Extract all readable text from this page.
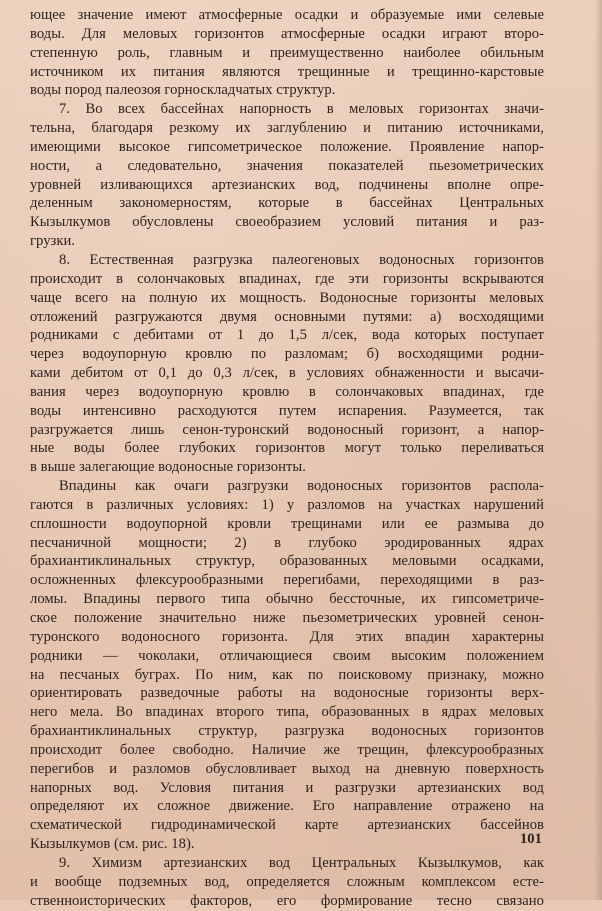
ющее значение имеют атмосферные осадки и образуемые ими селевые
воды. Для меловых горизонтов атмосферные осадки играют второ-
степенную роль, главным и преимущественно наиболее обильным
источником их питания являются трещинные и трещинно-карстовые
воды пород палеозоя горноскладчатых структур.
7. Во всех бассейнах напорность в меловых горизонтах значи-
тельна, благодаря резкому их заглублению и питанию источниками,
имеющими высокое гипсометрическое положение. Проявление напор-
ности, а следовательно, значения показателей пьезометрических
уровней изливающихся артезианских вод, подчинены вполне опре-
деленным закономерностям, которые в бассейнах Центральных
Кызылкумов обусловлены своеобразием условий питания и раз-
грузки.
8. Естественная разгрузка палеогеновых водоносных горизонтов
происходит в солончаковых впадинах, где эти горизонты вскрываются
чаще всего на полную их мощность. Водоносные горизонты меловых
отложений разгружаются двумя основными путями: а) восходящими
родниками с дебитами от 1 до 1,5 л/сек, вода которых поступает
через водоупорную кровлю по разломам; б) восходящими родни-
ками дебитом от 0,1 до 0,3 л/сек, в условиях обнаженности и высачи-
вания через водоупорную кровлю в солончаковых впадинах, где
воды интенсивно расходуются путем испарения. Разумеется, так
разгружается лишь сенон-туронский водоносный горизонт, а напор-
ные воды более глубоких горизонтов могут только переливаться
в выше залегающие водоносные горизонты.
Впадины как очаги разгрузки водоносных горизонтов распола-
гаются в различных условиях: 1) у разломов на участках нарушений
сплошности водоупорной кровли трещинами или ее размыва до
песчаничной мощности; 2) в глубоко эродированных ядрах
брахиантиклинальных структур, образованных меловыми осадками,
осложненных флексурообразными перегибами, переходящими в раз-
ломы. Впадины первого типа обычно бессточные, их гипсометриче-
ское положение значительно ниже пьезометрических уровней сенон-
туронского водоносного горизонта. Для этих впадин характерны
родники — чоколаки, отличающиеся своим высоким положением
на песчаных буграх. По ним, как по поисковому признаку, можно
ориентировать разведочные работы на водоносные горизонты верх-
него мела. Во впадинах второго типа, образованных в ядрах меловых
брахиантиклинальных структур, разгрузка водоносных горизонтов
происходит более свободно. Наличие же трещин, флексурообразных
перегибов и разломов обусловливает выход на дневную поверхность
напорных вод. Условия питания и разгрузки артезианских вод
определяют их сложное движение. Его направление отражено на
схематической гидродинамической карте артезианских бассейнов
Кызылкумов (см. рис. 18).
9. Химизм артезианских вод Центральных Кызылкумов, как
и вообще подземных вод, определяется сложным комплексом есте-
ственноисторических факторов, его формирование тесно связано
101
